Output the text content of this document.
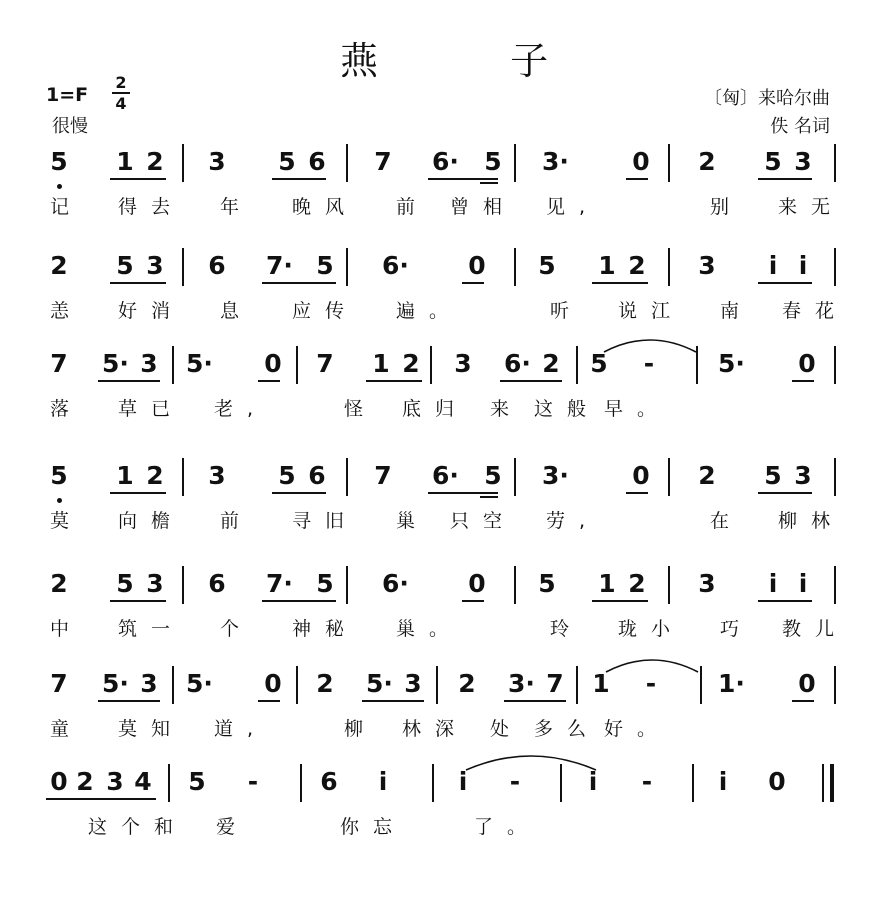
燕 子
1=F
2
4
很慢
〔匈〕来哈尔曲
佚 名词
5 1 2 3 5 6 7 6· 5 3·	0 2 5 3
记 得去 年 晚风 前 曾相 见,	别 来无
2 5 3 6 7· 5 6· 0 5 1 2 3 i i
恙 好消 息 应传 遍。	听 说江 南 春花
7 5· 3 5· 0 7 1 2 3 6· 2 5 -	5· 0
落 草已 老,	怪 底归 来 这般 早。
5 1 2 3 5 6 7 6· 5 3·	0 2 5 3
莫 向檐 前 寻旧 巢 只空 劳,	在 柳林
2 5 3 6 7· 5 6· 0 5 1 2 3 i i
中 筑一 个 神秘 巢。	玲 珑小 巧 教儿
7 5· 3 5· 0 2 5· 3 2 3· 7 1 - 1· 0
童 莫知 道,	柳 林深 处 多么 好。
0 2 3 4 5 - 6 i	i -	i -	i 0
这个和 爱	你忘	了。
